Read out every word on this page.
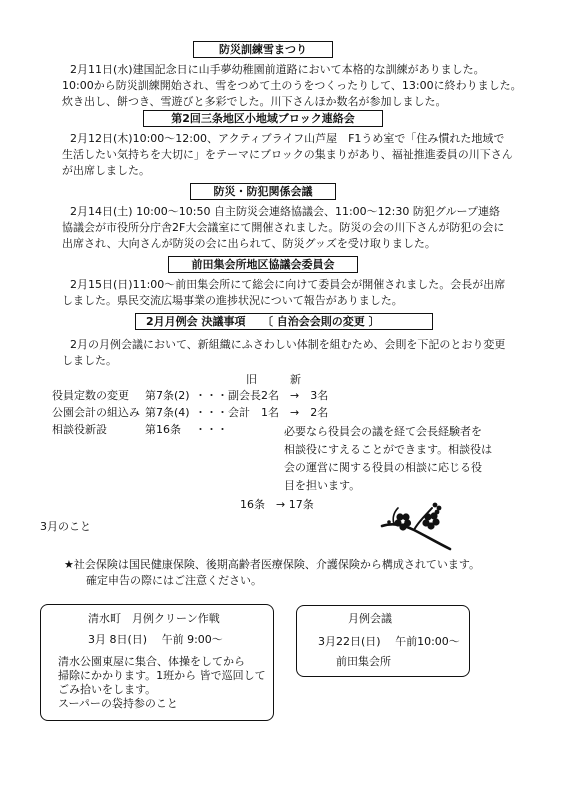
防災訓練雪まつり
2月11日(水)建国記念日に山手夢幼稚園前道路において本格的な訓練がありました。
10:00から防災訓練開始され、雪をつめて土のうをつくったりして、13:00に終わりました。
炊き出し、餅つき、雪遊びと多彩でした。川下さんほか数名が参加しました。
第2回三条地区小地域ブロック連絡会
2月12日(木)10:00～12:00、アクティブライフ山芦屋　F1うめ室で「住み慣れた地域で
生活したい気持ちを大切に」をテーマにブロックの集まりがあり、福祉推進委員の川下さん
が出席しました。
防災・防犯関係会議
2月14日(土) 10:00～10:50 自主防災会連絡協議会、11:00～12:30 防犯グループ連絡
協議会が市役所分庁舎2F大会議室にて開催されました。防災の会の川下さんが防犯の会に
出席され、大向さんが防災の会に出られて、防災グッズを受け取りました。
前田集会所地区協議会委員会
2月15日(日)11:00～前田集会所にて総会に向けて委員会が開催されました。会長が出席
しました。県民交流広場事業の進捗状況について報告がありました。
2月月例会 決議事項　　〔 自治会会則の変更 〕
2月の月例会議において、新組織にふさわしい体制を組むため、会則を下記のとおり変更
しました。
旧	新
役員定数の変更 第7条(2) ・・・副会長2名　→　3名
公園会計の組込み 第7条(4) ・・・会計　1名　→　2名
相談役新設	第16条 ・・・	必要なら役員会の議を経て会長経験者を
相談役にすえることができます。相談役は
会の運営に関する役員の相談に応じる役
目を担います。
16条　→ 17条
3月のこと
★社会保険は国民健康保険、後期高齢者医療保険、介護保険から構成されています。
確定申告の際にはご注意ください。
清水町　月例クリーン作戦
3月 8日(日)　 午前 9:00～
清水公園東屋に集合、体操をしてから
掃除にかかります。1班から 皆で巡回して
ごみ拾いをします。
スーパーの袋持参のこと
月例会議
3月22日(日)　 午前10:00～
前田集会所
